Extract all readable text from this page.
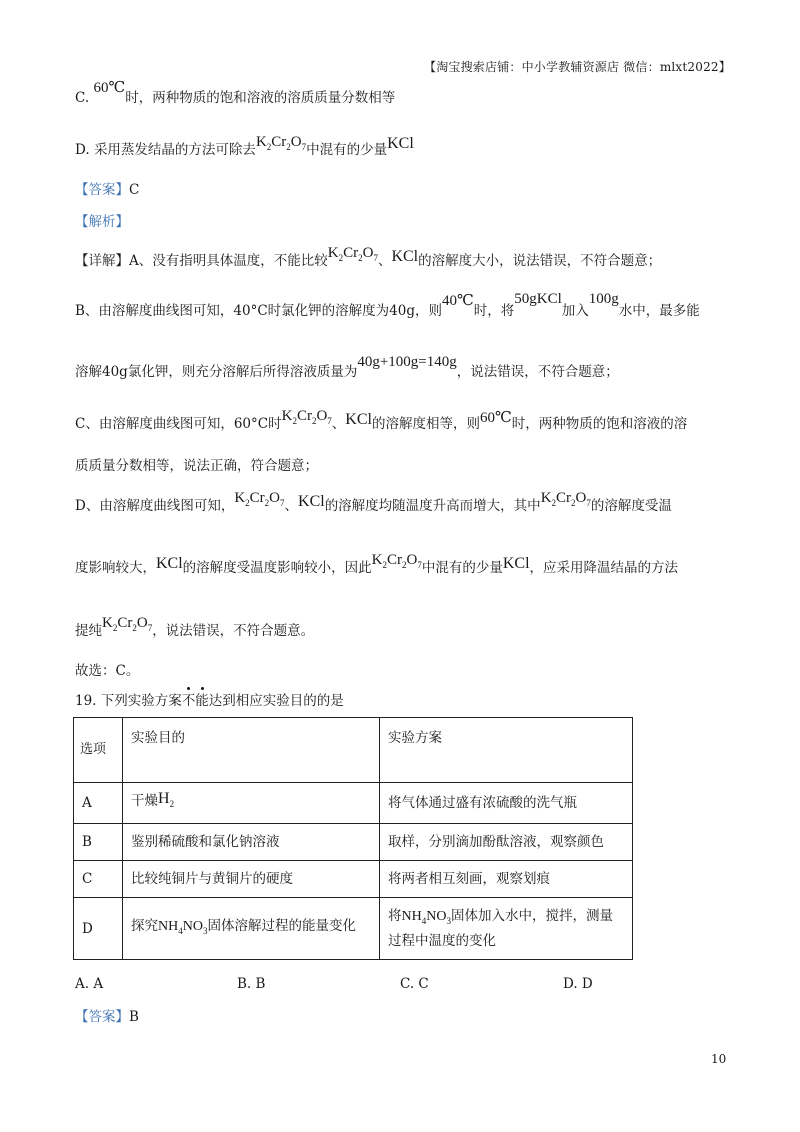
【淘宝搜索店铺：中小学教辅资源店 微信：mlxt2022】
C. 60℃时，两种物质的饱和溶液的溶质质量分数相等
D. 采用蒸发结晶的方法可除去$K_2Cr_2O_7$中混有的少量KCl
【答案】C
【解析】
【详解】A、没有指明具体温度，不能比较$K_2Cr_2O_7$、KCl的溶解度大小，说法错误，不符合题意；
B、由溶解度曲线图可知，40°C时氯化钾的溶解度为40g，则40℃时，将50gKCl加入100g水中，最多能
溶解40g氯化钾，则充分溶解后所得溶液质量为40g+100g=140g，说法错误，不符合题意；
C、由溶解度曲线图可知，60°C时$K_2Cr_2O_7$、KCl的溶解度相等，则60℃时，两种物质的饱和溶液的溶
质质量分数相等，说法正确，符合题意；
D、由溶解度曲线图可知，$K_2Cr_2O_7$、KCl的溶解度均随温度升高而增大，其中$K_2Cr_2O_7$的溶解度受温
度影响较大，KCl的溶解度受温度影响较小，因此$K_2Cr_2O_7$中混有的少量KCl，应采用降温结晶的方法
提纯$K_2Cr_2O_7$，说法错误，不符合题意。
故选：C。
19. 下列实验方案
不
能达到相应实验目的的是
选项	实验目的	实验方案
A	干燥$H_2$	将气体通过盛有浓硫酸的洗气瓶
B	鉴别稀硫酸和氯化钠溶液	取样，分别滴加酚酞溶液，观察颜色
C	比较纯铜片与黄铜片的硬度	将两者相互刻画，观察划痕
D	探究$NH_4NO_3$固体溶解过程的能量变化	将$NH_4NO_3$固体加入水中，搅拌，测量过程中温度的变化
A. A	B. B	C. C	D. D
【答案】B
10
